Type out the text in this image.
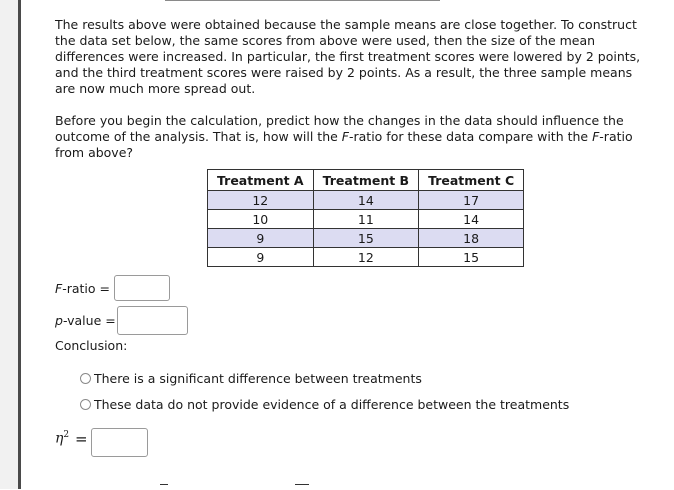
The results above were obtained because the sample means are close together. To construct the data set below, the same scores from above were used, then the size of the mean differences were increased. In particular, the first treatment scores were lowered by 2 points, and the third treatment scores were raised by 2 points. As a result, the three sample means are now much more spread out.

Before you begin the calculation, predict how the changes in the data should influence the outcome of the analysis. That is, how will the F-ratio for these data compare with the F-ratio from above?

Treatment A	Treatment B	Treatment C
12	14	17
10	11	14
9	15	18
9	12	15
F-ratio =
p-value =
Conclusion:
There is a significant difference between treatments
These data do not provide evidence of a difference between the treatments
$\eta^2$ =
